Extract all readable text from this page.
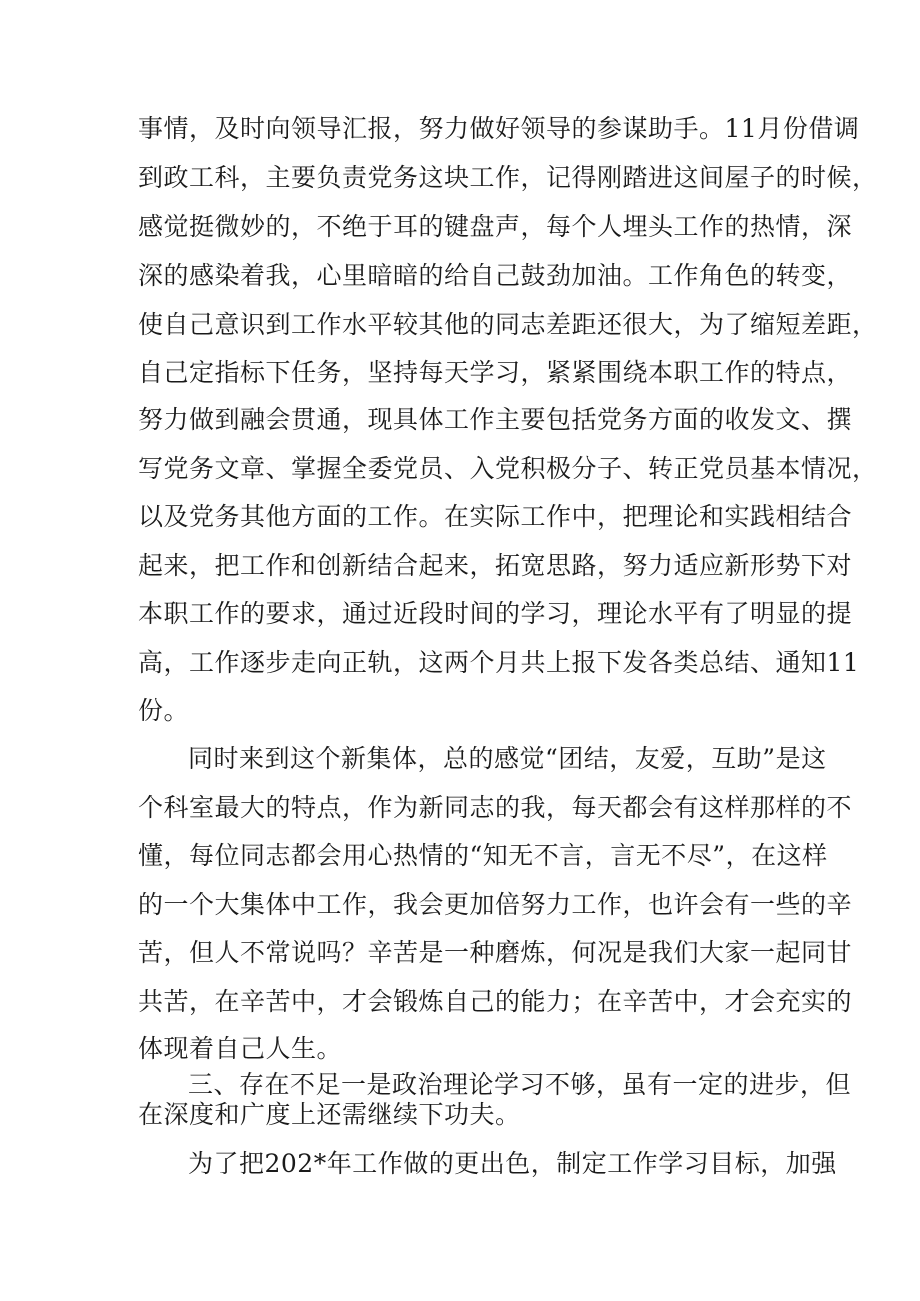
事情，及时向领导汇报，努力做好领导的参谋助手。11月份借调
到政工科，主要负责党务这块工作，记得刚踏进这间屋子的时候，
感觉挺微妙的，不绝于耳的键盘声，每个人埋头工作的热情，深
深的感染着我，心里暗暗的给自己鼓劲加油。工作角色的转变，
使自己意识到工作水平较其他的同志差距还很大，为了缩短差距，
自己定指标下任务，坚持每天学习，紧紧围绕本职工作的特点，
努力做到融会贯通，现具体工作主要包括党务方面的收发文、撰
写党务文章、掌握全委党员、入党积极分子、转正党员基本情况，
以及党务其他方面的工作。在实际工作中，把理论和实践相结合
起来，把工作和创新结合起来，拓宽思路，努力适应新形势下对
本职工作的要求，通过近段时间的学习，理论水平有了明显的提
高，工作逐步走向正轨，这两个月共上报下发各类总结、通知11
份。
同时来到这个新集体，总的感觉“团结，友爱，互助”是这
个科室最大的特点，作为新同志的我，每天都会有这样那样的不
懂，每位同志都会用心热情的“知无不言，言无不尽”，在这样
的一个大集体中工作，我会更加倍努力工作，也许会有一些的辛
苦，但人不常说吗？辛苦是一种磨炼，何况是我们大家一起同甘
共苦，在辛苦中，才会锻炼自己的能力；在辛苦中，才会充实的
体现着自己人生。
三、存在不足一是政治理论学习不够，虽有一定的进步，但
在深度和广度上还需继续下功夫。
为了把202*年工作做的更出色，制定工作学习目标，加强
